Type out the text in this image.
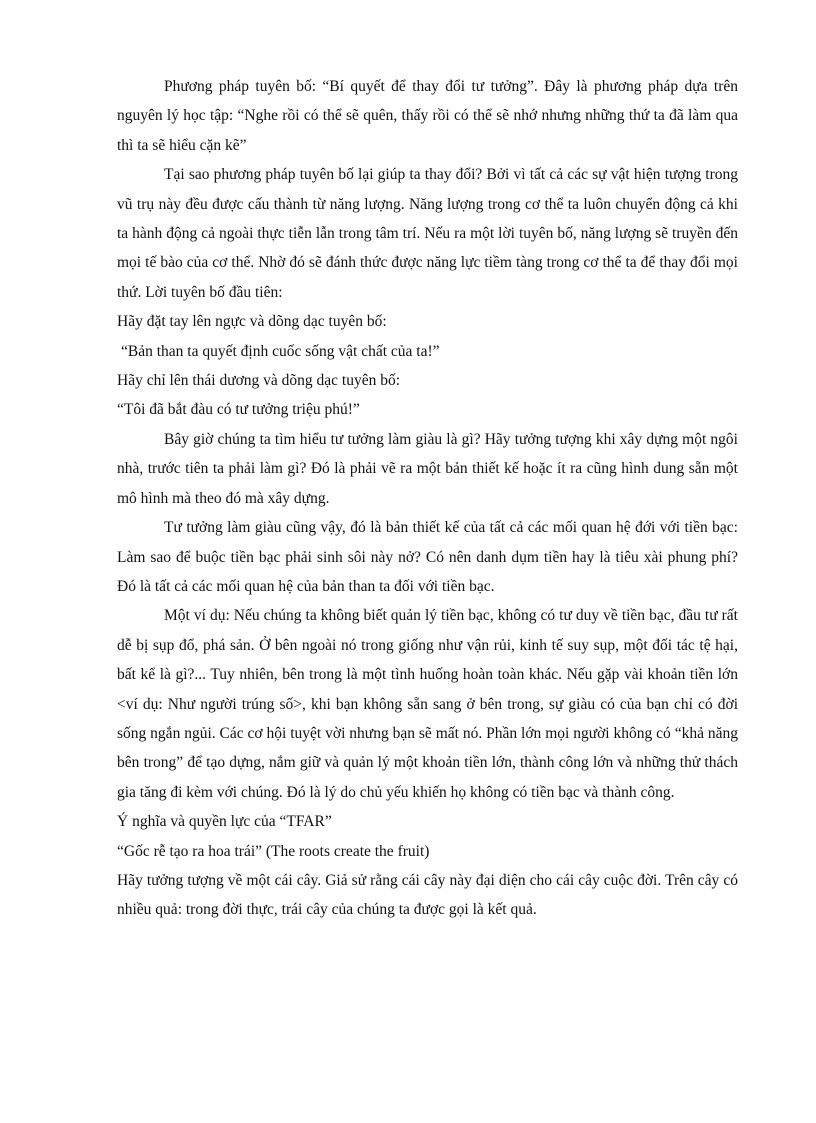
Phương pháp tuyên bố: “Bí quyết để thay đổi tư tưởng”. Đây là phương pháp dựa trên nguyên lý học tập: “Nghe rồi có thể sẽ quên, thấy rồi có thể sẽ nhớ nhưng những thứ ta đã làm qua thì ta sẽ hiểu cặn kẽ”

Tại sao phương pháp tuyên bố lại giúp ta thay đổi? Bởi vì tất cả các sự vật hiện tượng trong vũ trụ này đều được cấu thành từ năng lượng. Năng lượng trong cơ thể ta luôn chuyển động cả khi ta hành động cả ngoài thực tiễn lẫn trong tâm trí. Nếu ra một lời tuyên bố, năng lượng sẽ truyền đến mọi tế bào của cơ thể. Nhờ đó sẽ đánh thức được năng lực tiềm tàng trong cơ thể ta để thay đổi mọi thứ. Lời tuyên bố đầu tiên:

Hãy đặt tay lên ngực và dõng dạc tuyên bố:

“Bản than ta quyết định cuốc sống vật chất của ta!”

Hãy chỉ lên thái dương và dõng dạc tuyên bố:

“Tôi đã bắt đàu có tư tưởng triệu phú!”

Bây giờ chúng ta tìm hiểu tư tưởng làm giàu là gì? Hãy tưởng tượng khi xây dựng một ngôi nhà, trước tiên ta phải làm gì? Đó là phải vẽ ra một bản thiết kế hoặc ít ra cũng hình dung sẵn một mô hình mà theo đó mà xây dựng.

Tư tưởng làm giàu cũng vậy, đó là bản thiết kế của tất cả các mối quan hệ đới với tiền bạc: Làm sao để buộc tiền bạc phải sinh sôi này nở? Có nên danh dụm tiền hay là tiêu xài phung phí? Đó là tất cả các mối quan hệ của bản than ta đối với tiền bạc.

Một ví dụ: Nếu chúng ta không biết quản lý tiền bạc, không có tư duy về tiền bạc, đầu tư rất dễ bị sụp đổ, phá sản. Ở bên ngoài nó trong giống như vận rủi, kinh tế suy sụp, một đối tác tệ hại, bất kể là gì?... Tuy nhiên, bên trong là một tình huống hoàn toàn khác. Nếu gặp vài khoản tiền lớn <ví dụ: Như người trúng số>, khi bạn không sẵn sang ở bên trong, sự giàu có của bạn chỉ có đời sống ngắn ngủi. Các cơ hội tuyệt vời nhưng bạn sẽ mất nó. Phần lớn mọi người không có “khả năng bên trong” để tạo dựng, nắm giữ và quản lý một khoản tiền lớn, thành công lớn và những thử thách gia tăng đi kèm với chúng. Đó là lý do chủ yếu khiến họ không có tiền bạc và thành công.

Ý nghĩa và quyền lực của “TFAR”

“Gốc rễ tạo ra hoa trái” (The roots create the fruit)

Hãy tưởng tượng về một cái cây. Giả sử rằng cái cây này đại diện cho cái cây cuộc đời. Trên cây có nhiều quả: trong đời thực, trái cây của chúng ta được gọi là kết quả.
